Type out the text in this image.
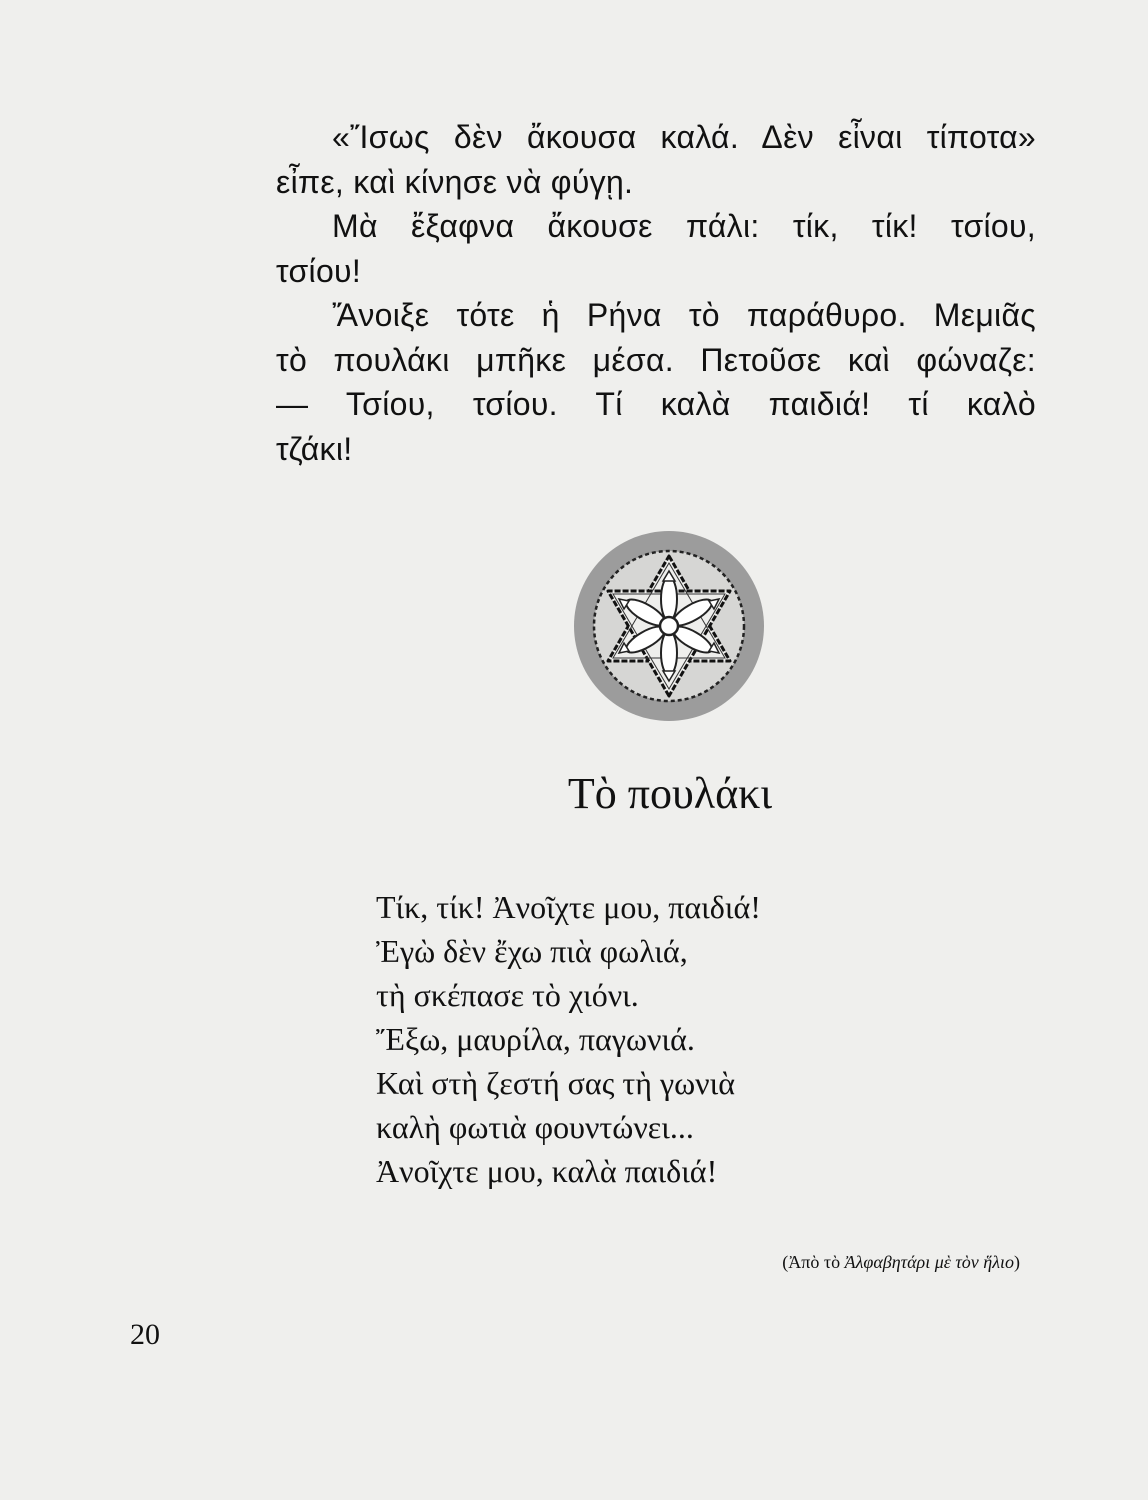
«Ἴσως δὲν ἄκουσα καλά. Δὲν εἶναι τίποτα»
εἶπε, καὶ κίνησε νὰ φύγῃ.
Μὰ ἔξαφνα ἄκουσε πάλι: τίκ, τίκ! τσίου,
τσίου!
Ἄνοιξε τότε ἡ Ρήνα τὸ παράθυρο. Μεμιᾶς
τὸ πουλάκι μπῆκε μέσα. Πετοῦσε καὶ φώναζε:
— Τσίου, τσίου. Τί καλὰ παιδιά! τί καλὸ
τζάκι!
Τὸ πουλάκι
Τίκ, τίκ! Ἀνοῖχτε μου, παιδιά!
Ἐγὼ δὲν ἔχω πιὰ φωλιά,
τὴ σκέπασε τὸ χιόνι.
Ἔξω, μαυρίλα, παγωνιά.
Καὶ στὴ ζεστή σας τὴ γωνιὰ
καλὴ φωτιὰ φουντώνει...
Ἀνοῖχτε μου, καλὰ παιδιά!
(Ἀπὸ τὸ Ἀλφαβητάρι μὲ τὸν ἥλιο)
20
